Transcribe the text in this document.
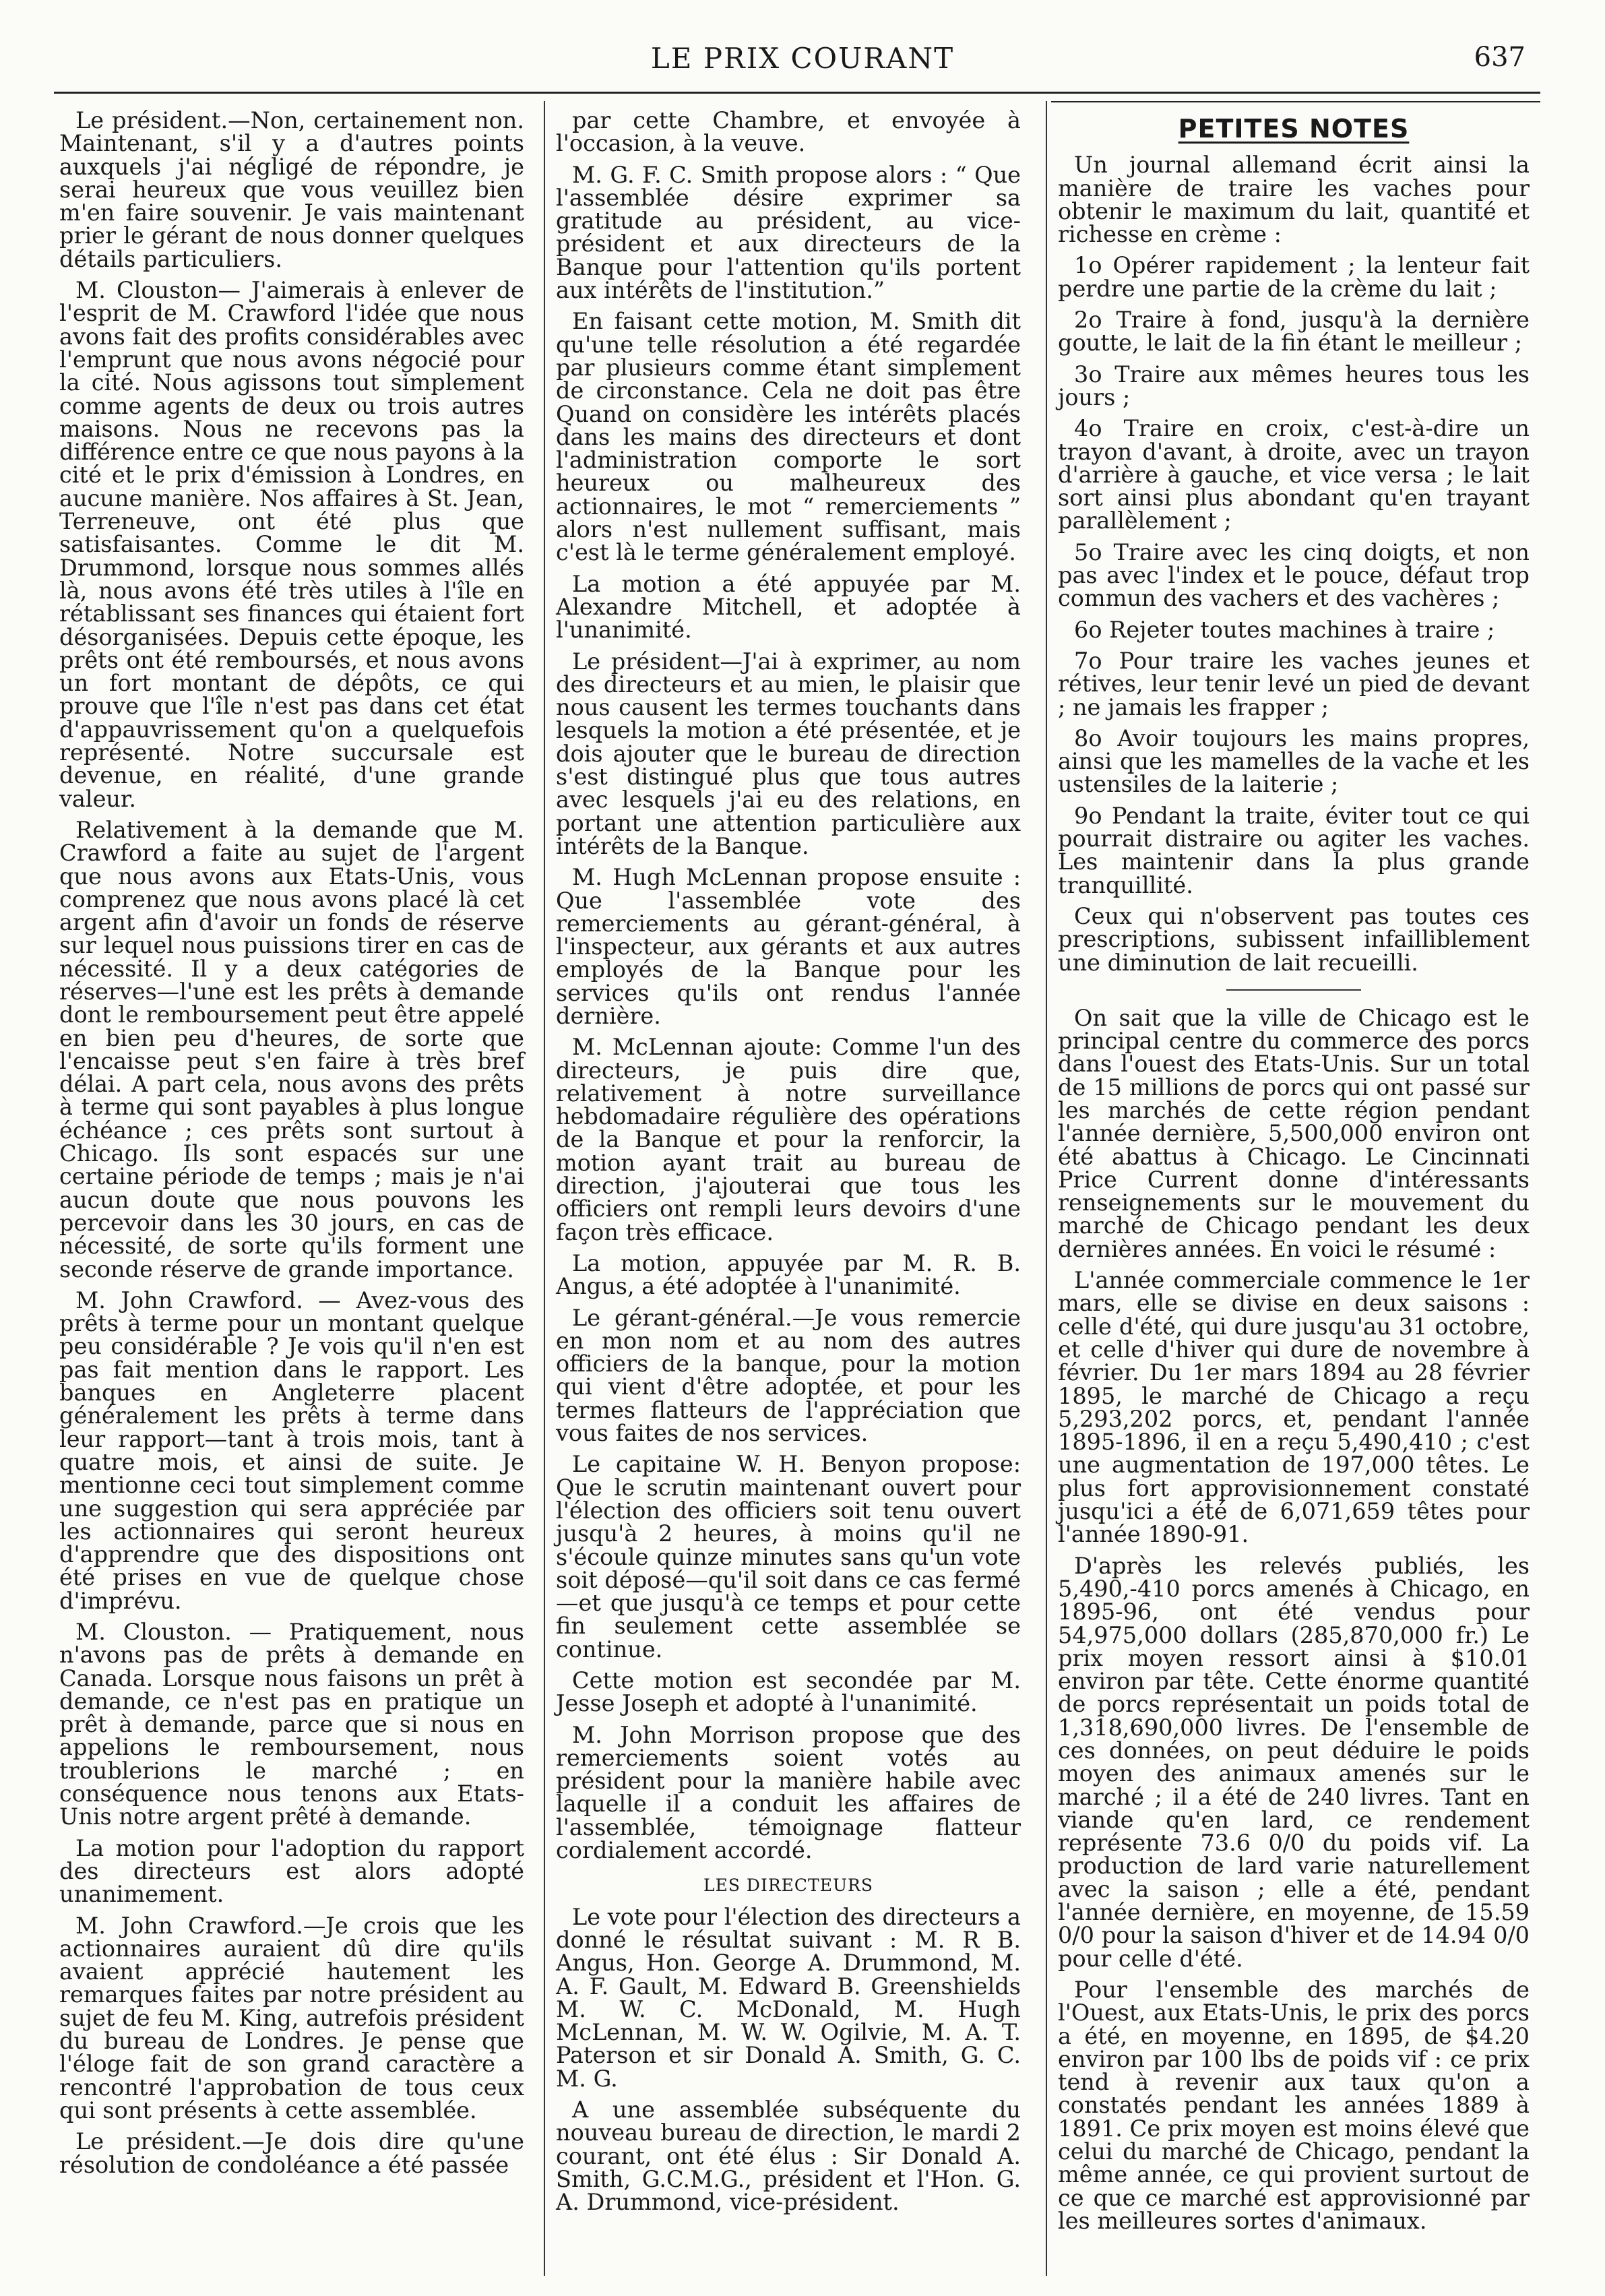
LE PRIX COURANT	637

Le président.—Non, certainement non. Maintenant, s'il y a d'autres points auxquels j'ai négligé de répondre, je serai heureux que vous veuillez bien m'en faire souvenir. Je vais maintenant prier le gérant de nous donner quelques détails particuliers.

M. Clouston— J'aimerais à enlever de l'esprit de M. Crawford l'idée que nous avons fait des profits considérables avec l'emprunt que nous avons négocié pour la cité. Nous agissons tout simplement comme agents de deux ou trois autres maisons. Nous ne recevons pas la différence entre ce que nous payons à la cité et le prix d'émission à Londres, en aucune manière. Nos affaires à St. Jean, Terreneuve, ont été plus que satisfaisantes. Comme le dit M. Drummond, lorsque nous sommes allés là, nous avons été très utiles à l'île en rétablissant ses finances qui étaient fort désorganisées. Depuis cette époque, les prêts ont été remboursés, et nous avons un fort montant de dépôts, ce qui prouve que l'île n'est pas dans cet état d'appauvrissement qu'on a quelquefois représenté. Notre succursale est devenue, en réalité, d'une grande valeur.

Relativement à la demande que M. Crawford a faite au sujet de l'argent que nous avons aux Etats-Unis, vous comprenez que nous avons placé là cet argent afin d'avoir un fonds de réserve sur lequel nous puissions tirer en cas de nécessité. Il y a deux catégories de réserves—l'une est les prêts à demande dont le remboursement peut être appelé en bien peu d'heures, de sorte que l'encaisse peut s'en faire à très bref délai. A part cela, nous avons des prêts à terme qui sont payables à plus longue échéance ; ces prêts sont surtout à Chicago. Ils sont espacés sur une certaine période de temps ; mais je n'ai aucun doute que nous pouvons les percevoir dans les 30 jours, en cas de nécessité, de sorte qu'ils forment une seconde réserve de grande importance.

M. John Crawford. — Avez-vous des prêts à terme pour un montant quelque peu considérable ? Je vois qu'il n'en est pas fait mention dans le rapport. Les banques en Angleterre placent généralement les prêts à terme dans leur rapport—tant à trois mois, tant à quatre mois, et ainsi de suite. Je mentionne ceci tout simplement comme une suggestion qui sera appréciée par les actionnaires qui seront heureux d'apprendre que des dispositions ont été prises en vue de quelque chose d'imprévu.

M. Clouston. — Pratiquement, nous n'avons pas de prêts à demande en Canada. Lorsque nous faisons un prêt à demande, ce n'est pas en pratique un prêt à demande, parce que si nous en appelions le remboursement, nous troublerions le marché ; en conséquence nous tenons aux Etats-Unis notre argent prêté à demande.

La motion pour l'adoption du rapport des directeurs est alors adopté unanimement.

M. John Crawford.—Je crois que les actionnaires auraient dû dire qu'ils avaient apprécié hautement les remarques faites par notre président au sujet de feu M. King, autrefois président du bureau de Londres. Je pense que l'éloge fait de son grand caractère a rencontré l'approbation de tous ceux qui sont présents à cette assemblée.

Le président.—Je dois dire qu'une résolution de condoléance a été passée

par cette Chambre, et envoyée à l'occasion, à la veuve.

M. G. F. C. Smith propose alors : “ Que l'assemblée désire exprimer sa gratitude au président, au vice-président et aux directeurs de la Banque pour l'attention qu'ils portent aux intérêts de l'institution.”

En faisant cette motion, M. Smith dit qu'une telle résolution a été regardée par plusieurs comme étant simplement de circonstance. Cela ne doit pas être Quand on considère les intérêts placés dans les mains des directeurs et dont l'administration comporte le sort heureux ou malheureux des actionnaires, le mot “ remerciements ” alors n'est nullement suffisant, mais c'est là le terme généralement employé.

La motion a été appuyée par M. Alexandre Mitchell, et adoptée à l'unanimité.

Le président—J'ai à exprimer, au nom des directeurs et au mien, le plaisir que nous causent les termes touchants dans lesquels la motion a été présentée, et je dois ajouter que le bureau de direction s'est distingué plus que tous autres avec lesquels j'ai eu des relations, en portant une attention particulière aux intérêts de la Banque.

M. Hugh McLennan propose ensuite : Que l'assemblée vote des remerciements au gérant-général, à l'inspecteur, aux gérants et aux autres employés de la Banque pour les services qu'ils ont rendus l'année dernière.

M. McLennan ajoute: Comme l'un des directeurs, je puis dire que, relativement à notre surveillance hebdomadaire régulière des opérations de la Banque et pour la renforcir, la motion ayant trait au bureau de direction, j'ajouterai que tous les officiers ont rempli leurs devoirs d'une façon très efficace.

La motion, appuyée par M. R. B. Angus, a été adoptée à l'unanimité.

Le gérant-général.—Je vous remercie en mon nom et au nom des autres officiers de la banque, pour la motion qui vient d'être adoptée, et pour les termes flatteurs de l'appréciation que vous faites de nos services.

Le capitaine W. H. Benyon propose: Que le scrutin maintenant ouvert pour l'élection des officiers soit tenu ouvert jusqu'à 2 heures, à moins qu'il ne s'écoule quinze minutes sans qu'un vote soit déposé—qu'il soit dans ce cas fermé—et que jusqu'à ce temps et pour cette fin seulement cette assemblée se continue.

Cette motion est secondée par M. Jesse Joseph et adopté à l'unanimité.

M. John Morrison propose que des remerciements soient votés au président pour la manière habile avec laquelle il a conduit les affaires de l'assemblée, témoignage flatteur cordialement accordé.

LES DIRECTEURS

Le vote pour l'élection des directeurs a donné le résultat suivant : M. R B. Angus, Hon. George A. Drummond, M. A. F. Gault, M. Edward B. Greenshields M. W. C. McDonald, M. Hugh McLennan, M. W. W. Ogilvie, M. A. T. Paterson et sir Donald A. Smith, G. C. M. G.

A une assemblée subséquente du nouveau bureau de direction, le mardi 2 courant, ont été élus : Sir Donald A. Smith, G.C.M.G., président et l'Hon. G. A. Drummond, vice-président.

PETITES NOTES

Un journal allemand écrit ainsi la manière de traire les vaches pour obtenir le maximum du lait, quantité et richesse en crème :

1o Opérer rapidement ; la lenteur fait perdre une partie de la crème du lait ;

2o Traire à fond, jusqu'à la dernière goutte, le lait de la fin étant le meilleur ;

3o Traire aux mêmes heures tous les jours ;

4o Traire en croix, c'est-à-dire un trayon d'avant, à droite, avec un trayon d'arrière à gauche, et vice versa ; le lait sort ainsi plus abondant qu'en trayant parallèlement ;

5o Traire avec les cinq doigts, et non pas avec l'index et le pouce, défaut trop commun des vachers et des vachères ;

6o Rejeter toutes machines à traire ;

7o Pour traire les vaches jeunes et rétives, leur tenir levé un pied de devant ; ne jamais les frapper ;

8o Avoir toujours les mains propres, ainsi que les mamelles de la vache et les ustensiles de la laiterie ;

9o Pendant la traite, éviter tout ce qui pourrait distraire ou agiter les vaches. Les maintenir dans la plus grande tranquillité.

Ceux qui n'observent pas toutes ces prescriptions, subissent infailliblement une diminution de lait recueilli.

On sait que la ville de Chicago est le principal centre du commerce des porcs dans l'ouest des Etats-Unis. Sur un total de 15 millions de porcs qui ont passé sur les marchés de cette région pendant l'année dernière, 5,500,000 environ ont été abattus à Chicago. Le Cincinnati Price Current donne d'intéressants renseignements sur le mouvement du marché de Chicago pendant les deux dernières années. En voici le résumé :

L'année commerciale commence le 1er mars, elle se divise en deux saisons : celle d'été, qui dure jusqu'au 31 octobre, et celle d'hiver qui dure de novembre à février. Du 1er mars 1894 au 28 février 1895, le marché de Chicago a reçu 5,293,202 porcs, et, pendant l'année 1895-1896, il en a reçu 5,490,410 ; c'est une augmentation de 197,000 têtes. Le plus fort approvisionnement constaté jusqu'ici a été de 6,071,659 têtes pour l'année 1890-91.

D'après les relevés publiés, les 5,490,-410 porcs amenés à Chicago, en 1895-96, ont été vendus pour 54,975,000 dollars (285,870,000 fr.) Le prix moyen ressort ainsi à $10.01 environ par tête. Cette énorme quantité de porcs représentait un poids total de 1,318,690,000 livres. De l'ensemble de ces données, on peut déduire le poids moyen des animaux amenés sur le marché ; il a été de 240 livres. Tant en viande qu'en lard, ce rendement représente 73.6 0/0 du poids vif. La production de lard varie naturellement avec la saison ; elle a été, pendant l'année dernière, en moyenne, de 15.59 0/0 pour la saison d'hiver et de 14.94 0/0 pour celle d'été.

Pour l'ensemble des marchés de l'Ouest, aux Etats-Unis, le prix des porcs a été, en moyenne, en 1895, de $4.20 environ par 100 lbs de poids vif : ce prix tend à revenir aux taux qu'on a constatés pendant les années 1889 à 1891. Ce prix moyen est moins élevé que celui du marché de Chicago, pendant la même année, ce qui provient surtout de ce que ce marché est approvisionné par les meilleures sortes d'animaux.
